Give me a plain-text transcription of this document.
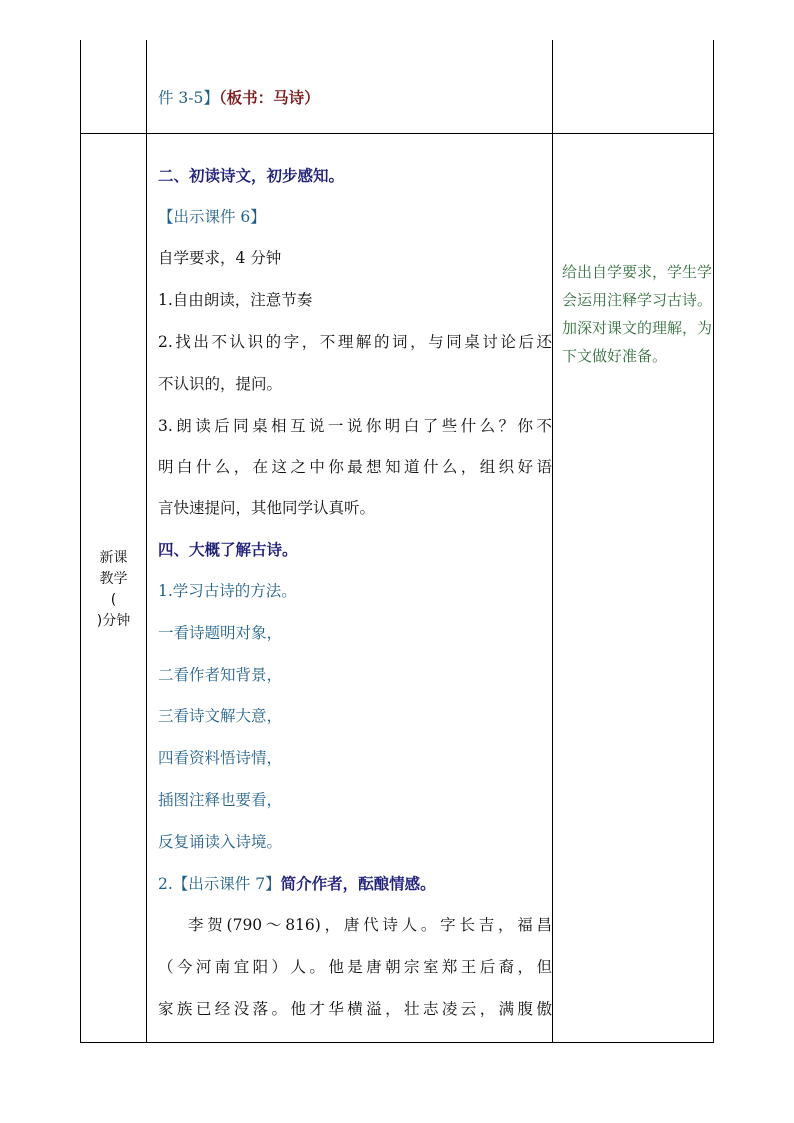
件 3-5】（板书：马诗）
新课
教学
(
)分钟
二、初读诗文，初步感知。
【出示课件 6】
自学要求，4 分钟
1.自由朗读，注意节奏
2.找出不认识的字，不理解的词，与同桌讨论后还
不认识的，提问。
3.朗读后同桌相互说一说你明白了些什么？你不
明白什么，在这之中你最想知道什么，组织好语
言快速提问，其他同学认真听。
四、大概了解古诗。
1.学习古诗的方法。
一看诗题明对象，
二看作者知背景，
三看诗文解大意，
四看资料悟诗情，
插图注释也要看，
反复诵读入诗境。
2.【出示课件 7】简介作者，酝酿情感。
李贺(790～816)，唐代诗人。字长吉，福昌
（今河南宜阳）人。他是唐朝宗室郑王后裔，但
家族已经没落。他才华横溢，壮志凌云，满腹傲
给出自学要求，学生学会运用注释学习古诗。 加深对课文的理解，为下文做好准备。
